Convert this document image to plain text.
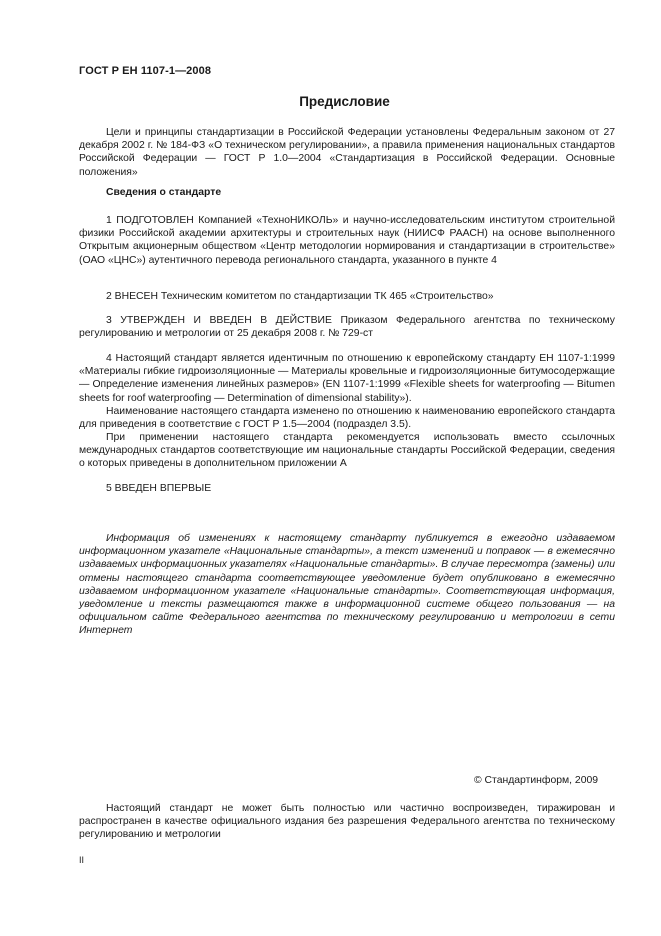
ГОСТ Р ЕН 1107-1—2008
Предисловие
Цели и принципы стандартизации в Российской Федерации установлены Федеральным законом от 27 декабря 2002 г. № 184-ФЗ «О техническом регулировании», а правила применения национальных стандартов Российской Федерации — ГОСТ Р 1.0—2004 «Стандартизация в Российской Федерации. Основные положения»
Сведения о стандарте
1 ПОДГОТОВЛЕН Компанией «ТехноНИКОЛЬ» и научно-исследовательским институтом строительной физики Российской академии архитектуры и строительных наук (НИИСФ РААСН) на основе выполненного Открытым акционерным обществом «Центр методологии нормирования и стандартизации в строительстве» (ОАО «ЦНС») аутентичного перевода регионального стандарта, указанного в пункте 4
2 ВНЕСЕН Техническим комитетом по стандартизации ТК 465 «Строительство»
3 УТВЕРЖДЕН И ВВЕДЕН В ДЕЙСТВИЕ Приказом Федерального агентства по техническому регулированию и метрологии от 25 декабря 2008 г. № 729-ст
4 Настоящий стандарт является идентичным по отношению к европейскому стандарту ЕН 1107-1:1999 «Материалы гибкие гидроизоляционные — Материалы кровельные и гидроизоляционные битумосодержащие — Определение изменения линейных размеров» (EN 1107-1:1999 «Flexible sheets for waterproofing — Bitumen sheets for roof waterproofing — Determination of dimensional stability»).
Наименование настоящего стандарта изменено по отношению к наименованию европейского стандарта для приведения в соответствие с ГОСТ Р 1.5—2004 (подраздел 3.5).
При применении настоящего стандарта рекомендуется использовать вместо ссылочных международных стандартов соответствующие им национальные стандарты Российской Федерации, сведения о которых приведены в дополнительном приложении А
5 ВВЕДЕН ВПЕРВЫЕ
Информация об изменениях к настоящему стандарту публикуется в ежегодно издаваемом информационном указателе «Национальные стандарты», а текст изменений и поправок — в ежемесячно издаваемых информационных указателях «Национальные стандарты». В случае пересмотра (замены) или отмены настоящего стандарта соответствующее уведомление будет опубликовано в ежемесячно издаваемом информационном указателе «Национальные стандарты». Соответствующая информация, уведомление и тексты размещаются также в информационной системе общего пользования — на официальном сайте Федерального агентства по техническому регулированию и метрологии в сети Интернет
© Стандартинформ, 2009
Настоящий стандарт не может быть полностью или частично воспроизведен, тиражирован и распространен в качестве официального издания без разрешения Федерального агентства по техническому регулированию и метрологии
II
